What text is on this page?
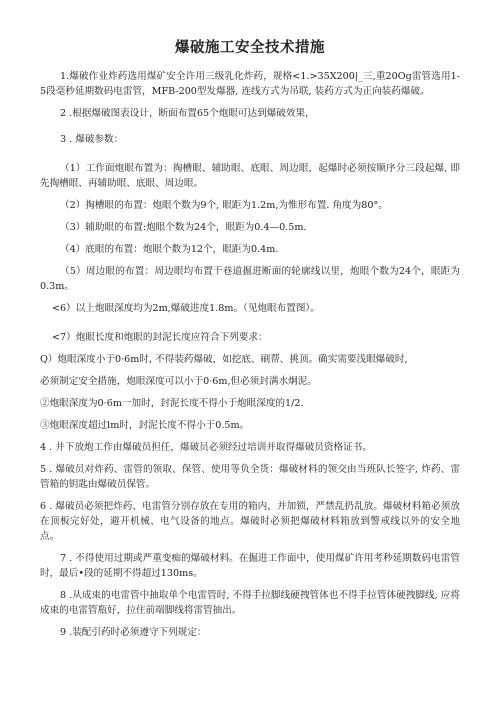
爆破施工安全技术措施

1.爆破作业炸药选用煤矿安全许用三级乳化炸药，规格<1.>35X200|_三,重20Og雷管选用1-5段毫秒延期数码电雷管，MFB-200型发爆器, 连线方式为吊联, 装药方式为正向装药爆破。

2 .根据爆破图表设计，断面布置65个炮眼可达到爆破效果，

3 . 爆破参数：

（1）工作面炮眼布置为：掏槽眼、辅助眼、底眼、周边眼，起爆时必须按顺序分三段起爆, 即先掏槽眼、再辅助眼、底眼、周边眼。

（2）掏槽眼的布置：炮眼个数为9个, 眼距为1.2m,为惟形布置. 角度为80°。

（3）辅助眼的布置:炮眼个数为24个，眼距为0.4—0.5m.

（4）底眼的布置：炮眼个数为12个，眼距为0.4m.

（5）周边眼的布置：周边眼均布置干巷道掘进断面的轮廓线以里，炮眼个数为24个，眼距为0.3m。

<6）以上炮眼深度均为2m,爆破进度1.8m。（见炮眼布置图）。

<7）炮眼长度和炮眼的封泥长度应符合下列要求：

Q）炮眼深度小于0·6m时, 不得装药爆破，如挖底、刷帮、挑顶。确实需要浅眼爆破时,

必须制定安全措施，炮眼深度可以小于0·6m,但必须封满水炯泥。

②炮眼深度为0·6m一加时，封泥长度不得小于炮眼深度的1/2.

③炮眼深度超过lm时，封泥长度不得小于0.5m。

4 . 井下放炮工作由爆破员担任，爆破员必须经过培训并取得爆破员资格证书。

5 . 爆破员对炸药、雷管的领取、保管、使用等负全货：爆破材料的领交由当班队长签字, 炸药、雷管箱的钥匙由爆破员保管。

6 . 爆破员必须把炸药、电雷管分别存放在专用的箱内，并加锁，严禁乱扔乱放。爆破材料箱必须放在顶板完好处，避开机械、电气设备的地点。爆破时必须把爆破材料箱放到警戒线以外的安全地点。

7 . 不得使用过期或严重变痴的爆破材料。在掘进工作面中，使用煤矿许用考秒延期数码电雷管时，最后•段的延期不得超过130ms。

8 .从成束的电雷管中抽取单个电雷管时, 不得手拉脚线硬拽管体也不得手拉管体硬拽脚线, 应将成束的电雷管瓶好，拉住前端脚线将雷管抽出。

9 .装配引药时必须遵守下列规定：
